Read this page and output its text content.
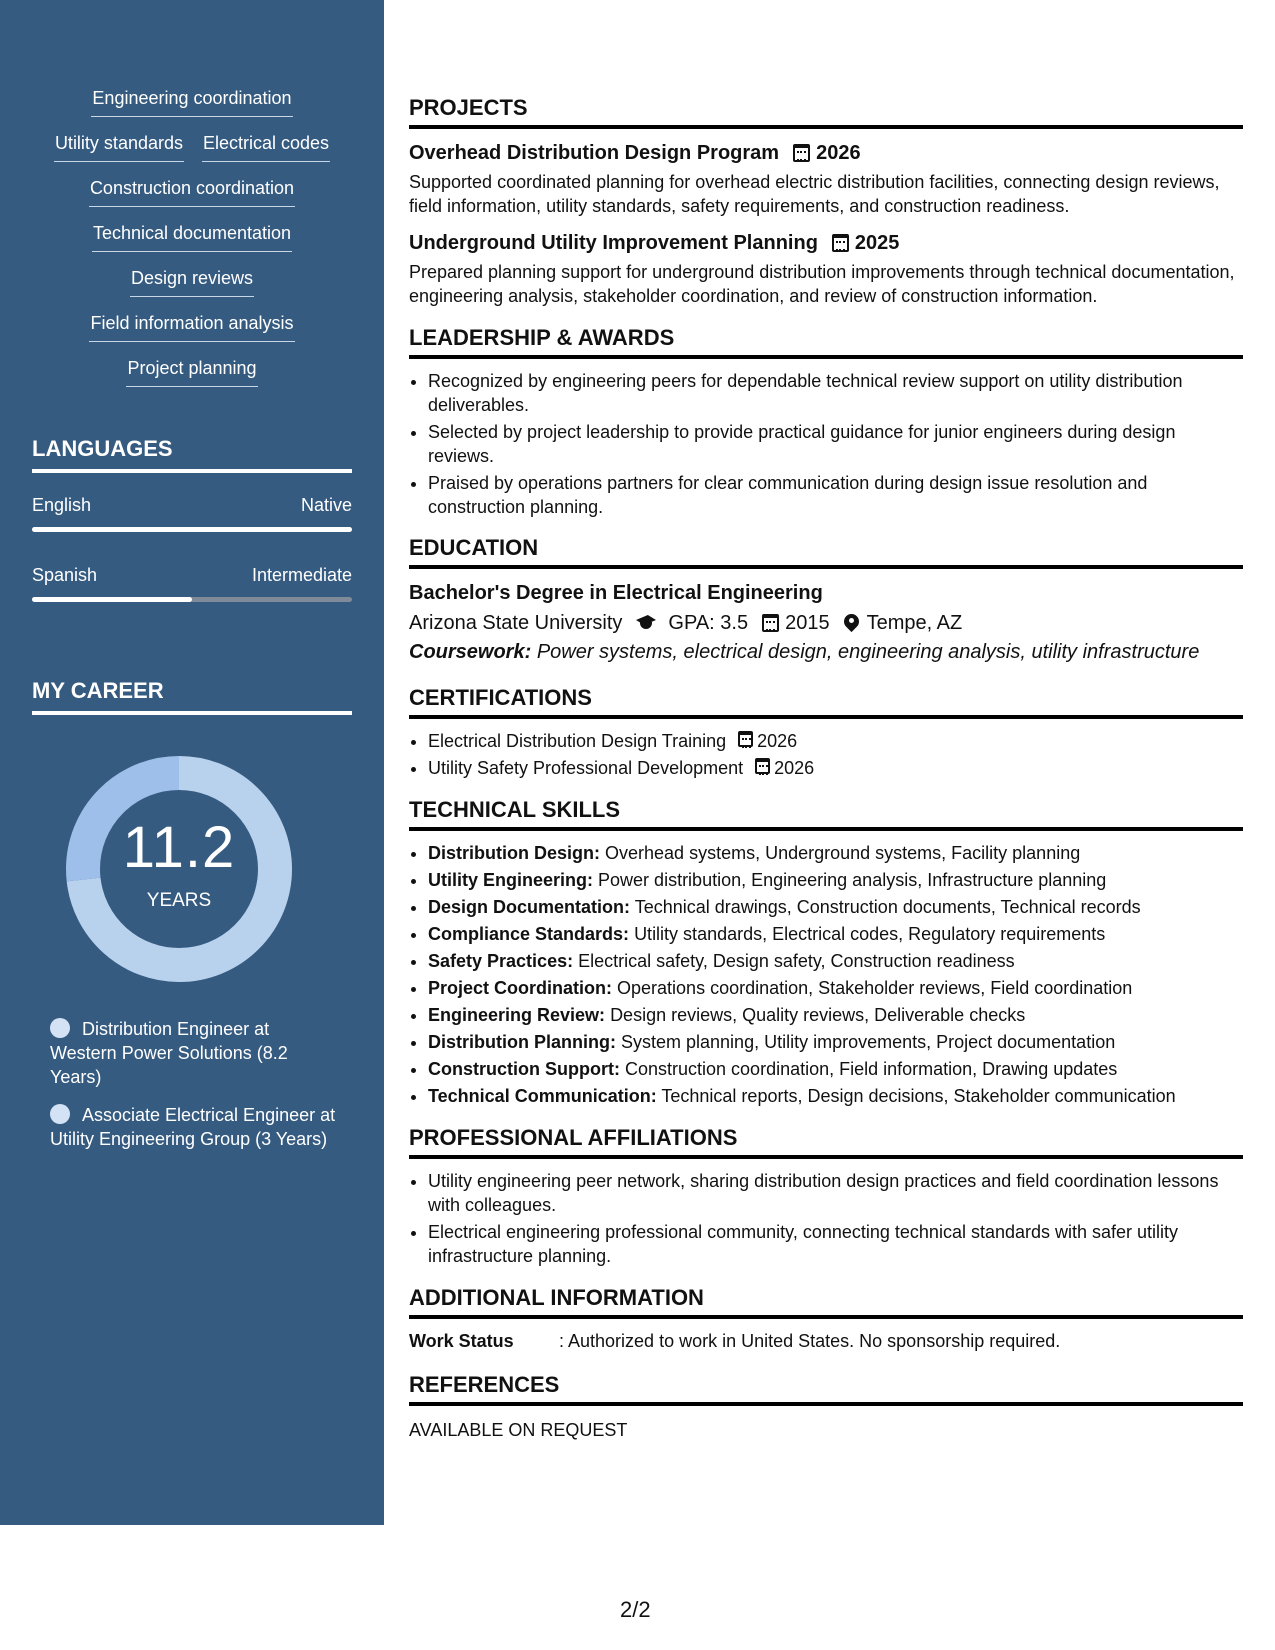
Engineering coordination
Utility standards Electrical codes
Construction coordination
Technical documentation
Design reviews
Field information analysis
Project planning
LANGUAGES
English	Native
Spanish	Intermediate
MY CAREER
11.2
YEARS
Distribution Engineer at Western Power Solutions (8.2 Years)
Associate Electrical Engineer at Utility Engineering Group (3 Years)
PROJECTS
Overhead Distribution Design Program 2026

Supported coordinated planning for overhead electric distribution facilities, connecting design reviews, field information, utility standards, safety requirements, and construction readiness.

Underground Utility Improvement Planning 2025

Prepared planning support for underground distribution improvements through technical documentation, engineering analysis, stakeholder coordination, and review of construction information.

LEADERSHIP & AWARDS
• Recognized by engineering peers for dependable technical review support on utility distribution deliverables.
• Selected by project leadership to provide practical guidance for junior engineers during design reviews.
• Praised by operations partners for clear communication during design issue resolution and construction planning.
EDUCATION
Bachelor's Degree in Electrical Engineering
Arizona State University GPA: 3.5 2015 Tempe, AZ
Coursework: Power systems, electrical design, engineering analysis, utility infrastructure
CERTIFICATIONS
• Electrical Distribution Design Training 2026
• Utility Safety Professional Development 2026
TECHNICAL SKILLS
• Distribution Design: Overhead systems, Underground systems, Facility planning
• Utility Engineering: Power distribution, Engineering analysis, Infrastructure planning
• Design Documentation: Technical drawings, Construction documents, Technical records
• Compliance Standards: Utility standards, Electrical codes, Regulatory requirements
• Safety Practices: Electrical safety, Design safety, Construction readiness
• Project Coordination: Operations coordination, Stakeholder reviews, Field coordination
• Engineering Review: Design reviews, Quality reviews, Deliverable checks
• Distribution Planning: System planning, Utility improvements, Project documentation
• Construction Support: Construction coordination, Field information, Drawing updates
• Technical Communication: Technical reports, Design decisions, Stakeholder communication
PROFESSIONAL AFFILIATIONS
• Utility engineering peer network, sharing distribution design practices and field coordination lessons with colleagues.
• Electrical engineering professional community, connecting technical standards with safer utility infrastructure planning.
ADDITIONAL INFORMATION
Work Status	: Authorized to work in United States. No sponsorship required.
REFERENCES
AVAILABLE ON REQUEST
2/2
